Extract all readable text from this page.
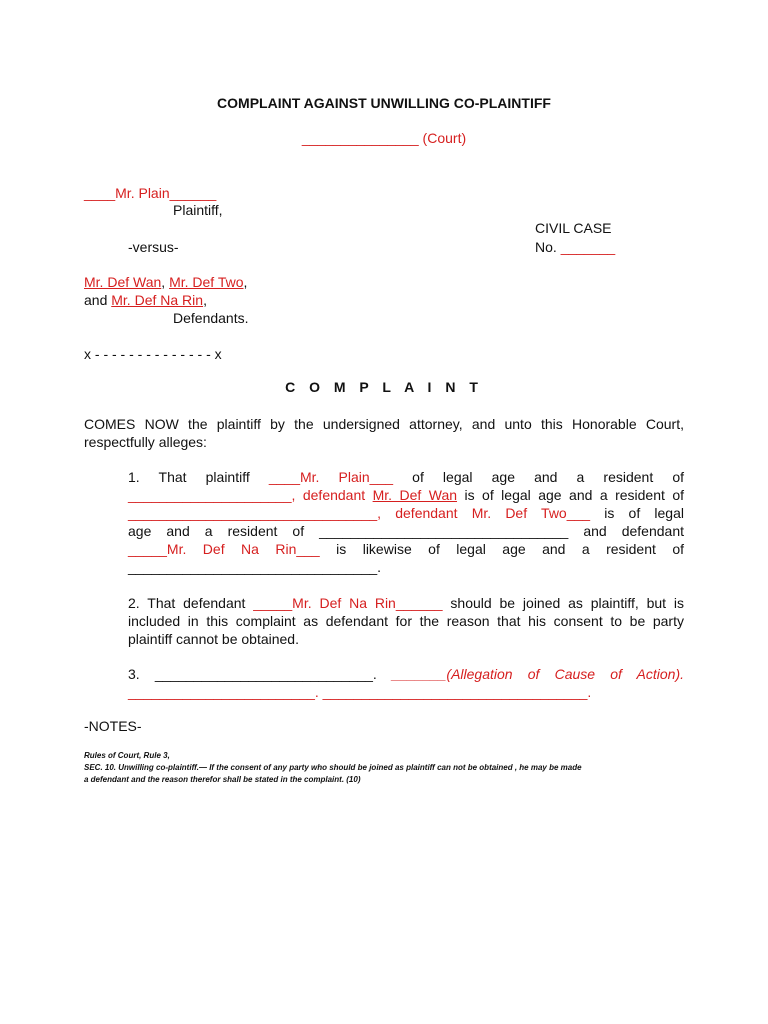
COMPLAINT AGAINST UNWILLING CO-PLAINTIFF
_______________ (Court)
____Mr. Plain______
Plaintiff,
CIVIL CASE
No. _______
-versus-
Mr. Def Wan, Mr. Def Two,
and Mr. Def Na Rin,
Defendants.
x - - - - - - - - - - - - - - x
C O M P L A I N T
COMES NOW the plaintiff by the undersigned attorney, and unto this Honorable Court,
respectfully alleges:
1. That plaintiff ____Mr. Plain___ of legal age and a resident of
_____________________, defendant Mr. Def Wan is of legal age and a resident of
________________________________, defendant Mr. Def Two___ is of legal
age and a resident of ________________________________ and defendant
_____Mr. Def Na Rin___ is likewise of legal age and a resident of
________________________________.
2. That defendant _____Mr. Def Na Rin______ should be joined as plaintiff, but is
included in this complaint as defendant for the reason that his consent to be party
plaintiff cannot be obtained.
3. ____________________________. _______(Allegation of Cause of Action).
________________________. __________________________________.
-NOTES-
Rules of Court, Rule 3,
SEC. 10. Unwilling co-plaintiff.— If the consent of any party who should be joined as plaintiff can not be obtained , he may be made
a defendant and the reason therefor shall be stated in the complaint. (10)
